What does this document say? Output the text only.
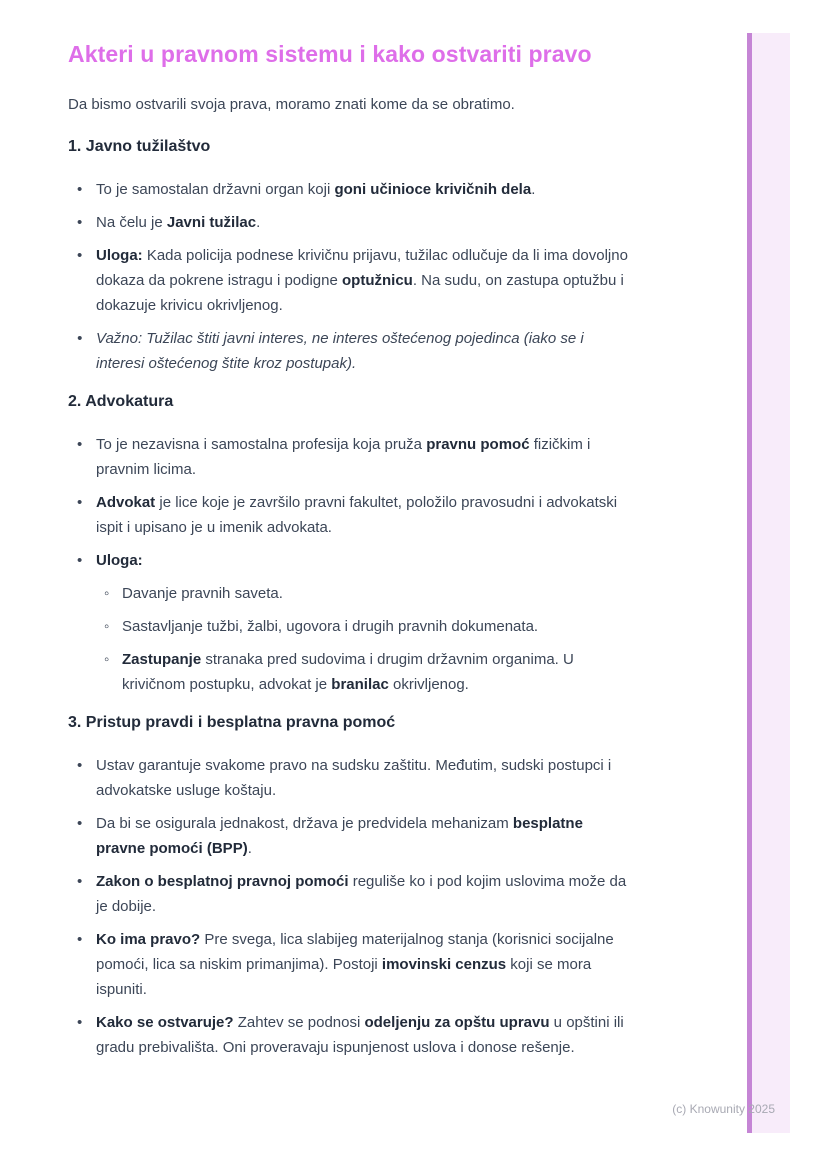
Akteri u pravnom sistemu i kako ostvariti pravo

Da bismo ostvarili svoja prava, moramo znati kome da se obratimo.

1. Javno tužilaštvo
• To je samostalan državni organ koji goni učinioce krivičnih dela.
• Na čelu je Javni tužilac.
• Uloga: Kada policija podnese krivičnu prijavu, tužilac odlučuje da li ima dovoljno dokaza da pokrene istragu i podigne optužnicu. Na sudu, on zastupa optužbu i dokazuje krivicu okrivljenog.
• Važno: Tužilac štiti javni interes, ne interes oštećenog pojedinca (iako se i interesi oštećenog štite kroz postupak).
2. Advokatura
• To je nezavisna i samostalna profesija koja pruža pravnu pomoć fizičkim i pravnim licima.
• Advokat je lice koje je završilo pravni fakultet, položilo pravosudni i advokatski ispit i upisano je u imenik advokata.
• Uloga:
◦ Davanje pravnih saveta.
◦ Sastavljanje tužbi, žalbi, ugovora i drugih pravnih dokumenata.
◦ Zastupanje stranaka pred sudovima i drugim državnim organima. U krivičnom postupku, advokat je branilac okrivljenog.
3. Pristup pravdi i besplatna pravna pomoć
• Ustav garantuje svakome pravo na sudsku zaštitu. Međutim, sudski postupci i advokatske usluge koštaju.
• Da bi se osigurala jednakost, država je predvidela mehanizam besplatne pravne pomoći (BPP).
• Zakon o besplatnoj pravnoj pomoći reguliše ko i pod kojim uslovima može da je dobije.
• Ko ima pravo? Pre svega, lica slabijeg materijalnog stanja (korisnici socijalne pomoći, lica sa niskim primanjima). Postoji imovinski cenzus koji se mora ispuniti.
• Kako se ostvaruje? Zahtev se podnosi odeljenju za opštu upravu u opštini ili gradu prebivališta. Oni proveravaju ispunjenost uslova i donose rešenje.
(c) Knowunity 2025
